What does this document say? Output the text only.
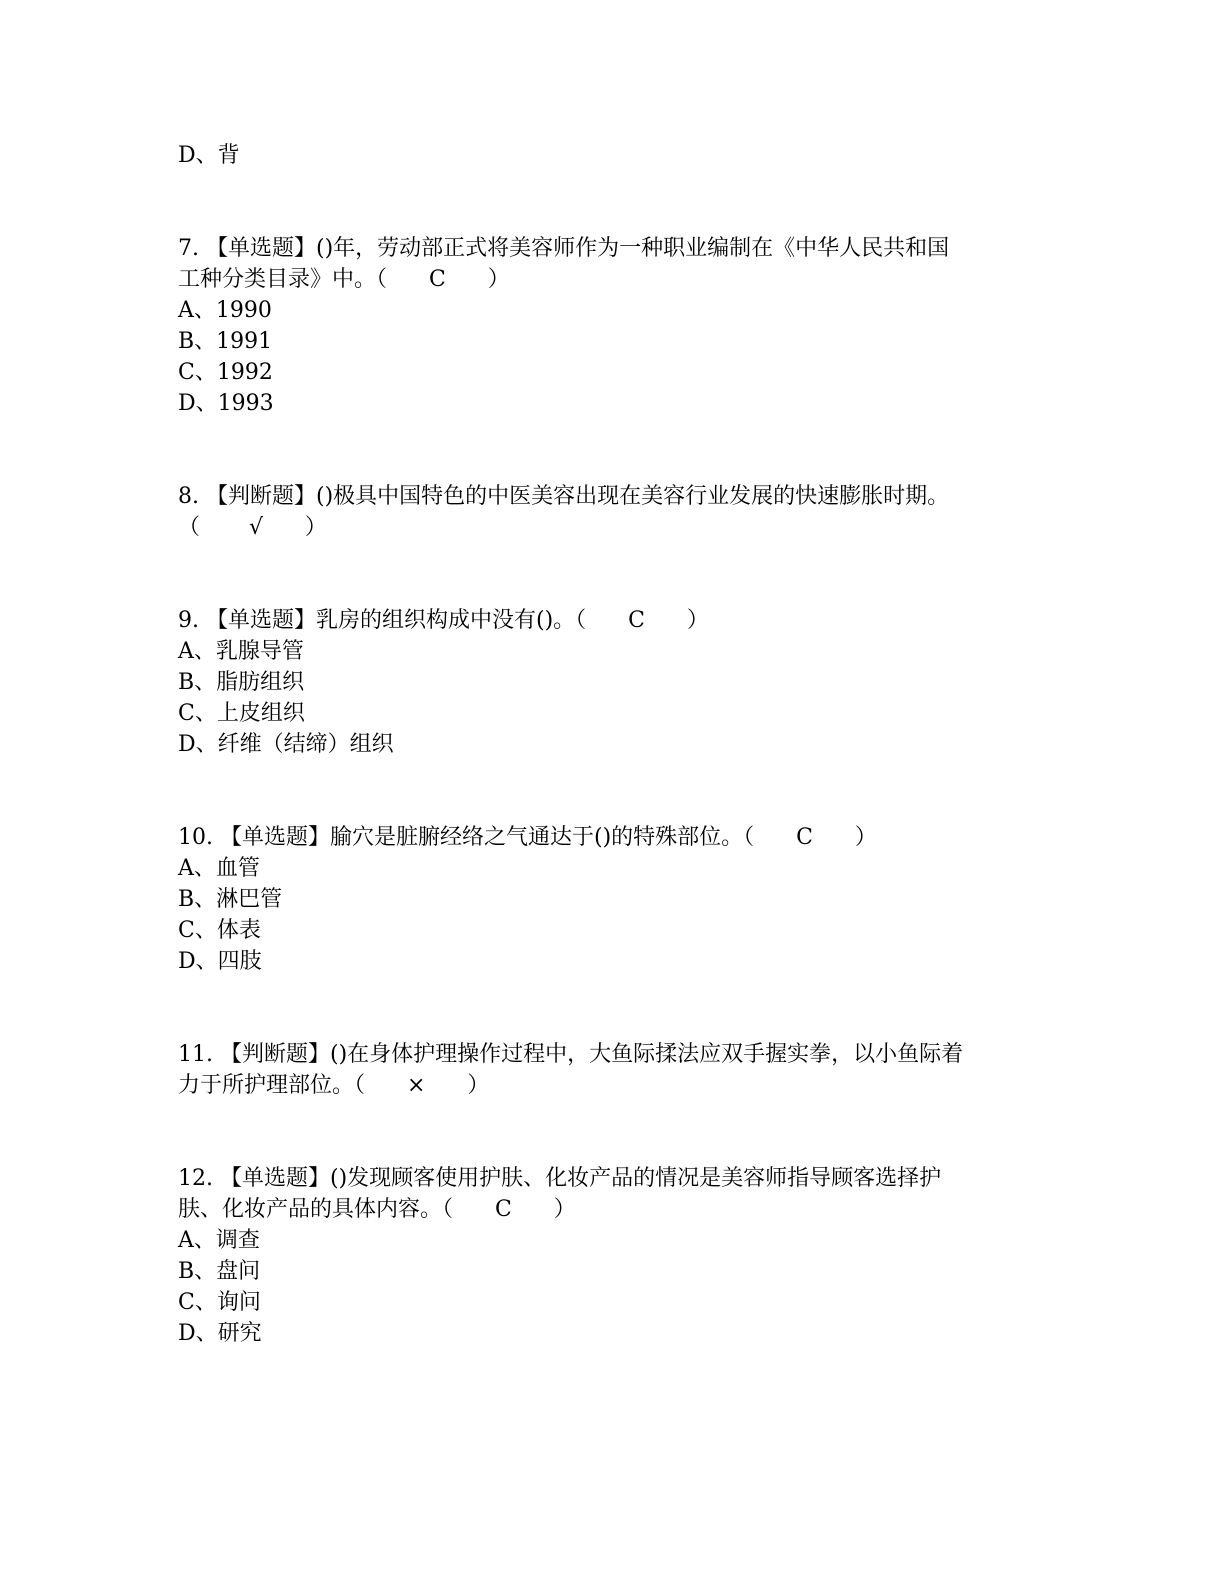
D、背
7. 【单选题】()年，劳动部正式将美容师作为一种职业编制在《中华人民共和国
工种分类目录》中。（      C      ）
A、1990
B、1991
C、1992
D、1993
8. 【判断题】()极具中国特色的中医美容出现在美容行业发展的快速膨胀时期。
（       √      ）
9. 【单选题】乳房的组织构成中没有()。（      C      ）
A、乳腺导管
B、脂肪组织
C、上皮组织
D、纤维（结缔）组织
10. 【单选题】腧穴是脏腑经络之气通达于()的特殊部位。（      C      ）
A、血管
B、淋巴管
C、体表
D、四肢
11. 【判断题】()在身体护理操作过程中，大鱼际揉法应双手握实拳，以小鱼际着
力于所护理部位。（      ×      ）
12. 【单选题】()发现顾客使用护肤、化妆产品的情况是美容师指导顾客选择护
肤、化妆产品的具体内容。（      C      ）
A、调查
B、盘问
C、询问
D、研究
